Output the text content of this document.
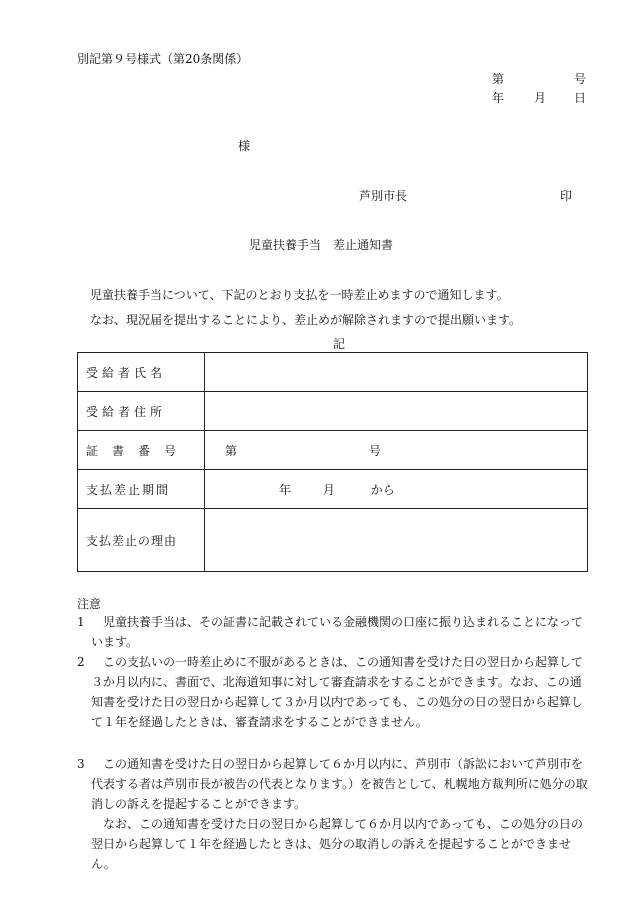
別記第９号様式（第20条関係）
第	号
年 月 日
様
芦別市長	印
児童扶養手当　差止通知書
児童扶養手当について、下記のとおり支払を一時差止めますので通知します。
なお、現況届を提出することにより、差止めが解除されますので提出願います。
記
受給者氏名	
受給者住所	
証書番号	第 号
支払差止期間	年 月 から
支払差止の理由	
注意
1	児童扶養手当は、その証書に記載されている金融機関の口座に振り込まれることになっています。
2	この支払いの一時差止めに不服があるときは、この通知書を受けた日の翌日から起算して３か月以内に、書面で、北海道知事に対して審査請求をすることができます。なお、この通知書を受けた日の翌日から起算して３か月以内であっても、この処分の日の翌日から起算して１年を経過したときは、審査請求をすることができません。
3	この通知書を受けた日の翌日から起算して６か月以内に、芦別市（訴訟において芦別市を代表する者は芦別市長が被告の代表となります。）を被告として、札幌地方裁判所に処分の取消しの訴えを提起することができます。
なお、この通知書を受けた日の翌日から起算して６か月以内であっても、この処分の日の翌日から起算して１年を経過したときは、処分の取消しの訴えを提起することができません。
